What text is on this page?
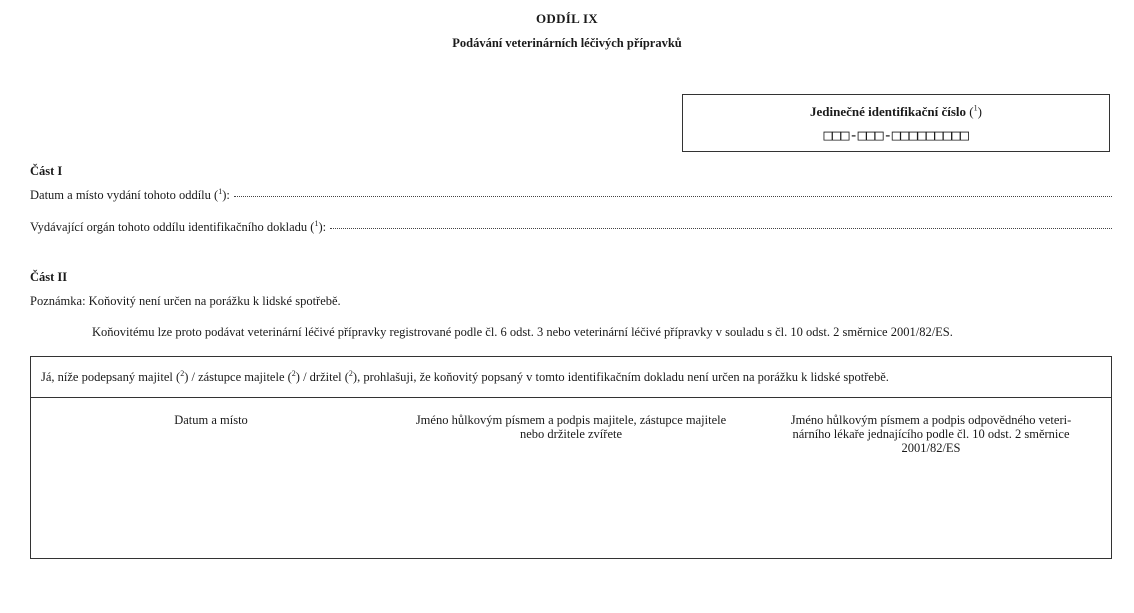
ODDÍL IX
Podávání veterinárních léčivých přípravků
Jedinečné identifikační číslo ($^1$)
□□□-□□□-□□□□□□□□□
Část I
Datum a místo vydání tohoto oddílu ($^1$):
Vydávající orgán tohoto oddílu identifikačního dokladu ($^1$):
Část II
Poznámka: Koňovitý není určen na porážku k lidské spotřebě.
Koňovitému lze proto podávat veterinární léčivé přípravky registrované podle čl. 6 odst. 3 nebo veterinární léčivé přípravky v souladu s čl. 10 odst. 2 směrnice 2001/82/ES.
Já, níže podepsaný majitel ($^2$) / zástupce majitele ($^2$) / držitel ($^2$), prohlašuji, že koňovitý popsaný v tomto identifikačním dokladu není určen na porážku k lidské spotřebě.
Datum a místo	Jméno hůlkovým písmem a podpis majitele, zástupce majitele
nebo držitele zvířete
Jméno hůlkovým písmem a podpis odpovědného veteri-
nárního lékaře jednajícího podle čl. 10 odst. 2 směrnice
2001/82/ES
